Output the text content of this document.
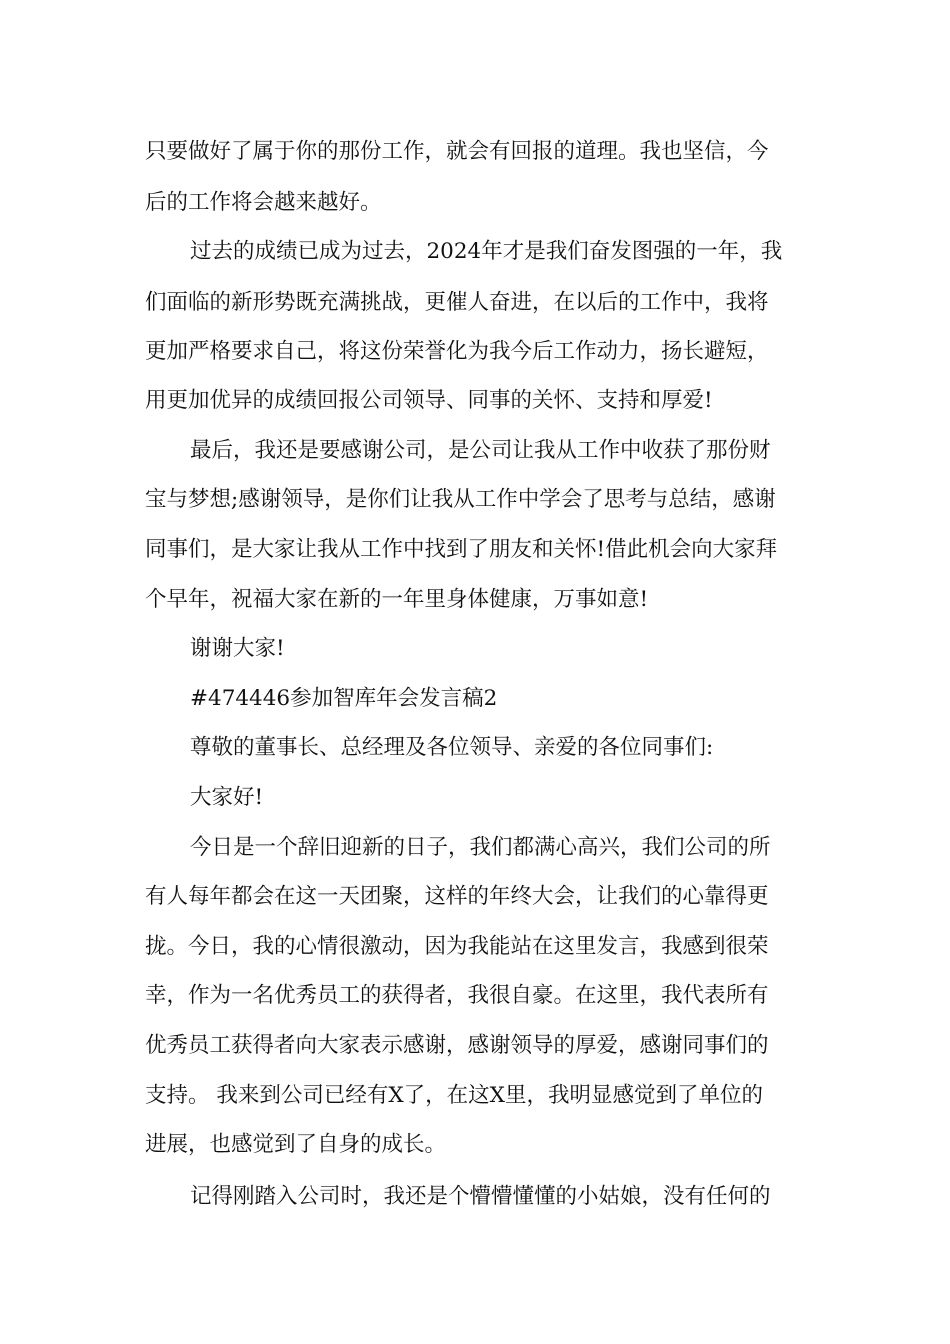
只要做好了属于你的那份工作，就会有回报的道理。我也坚信，今
后的工作将会越来越好。
过去的成绩已成为过去，2024年才是我们奋发图强的一年，我
们面临的新形势既充满挑战，更催人奋进，在以后的工作中，我将
更加严格要求自己，将这份荣誉化为我今后工作动力，扬长避短，
用更加优异的成绩回报公司领导、同事的关怀、支持和厚爱!
最后，我还是要感谢公司，是公司让我从工作中收获了那份财
宝与梦想;感谢领导，是你们让我从工作中学会了思考与总结，感谢
同事们，是大家让我从工作中找到了朋友和关怀!借此机会向大家拜
个早年，祝福大家在新的一年里身体健康，万事如意!
谢谢大家!
#474446参加智库年会发言稿2
尊敬的董事长、总经理及各位领导、亲爱的各位同事们:
大家好!
今日是一个辞旧迎新的日子，我们都满心高兴，我们公司的所
有人每年都会在这一天团聚，这样的年终大会，让我们的心靠得更
拢。今日，我的心情很激动，因为我能站在这里发言，我感到很荣
幸，作为一名优秀员工的获得者，我很自豪。在这里，我代表所有
优秀员工获得者向大家表示感谢，感谢领导的厚爱，感谢同事们的
支持。 我来到公司已经有X了，在这X里，我明显感觉到了单位的
进展，也感觉到了自身的成长。
记得刚踏入公司时，我还是个懵懵懂懂的小姑娘，没有任何的
